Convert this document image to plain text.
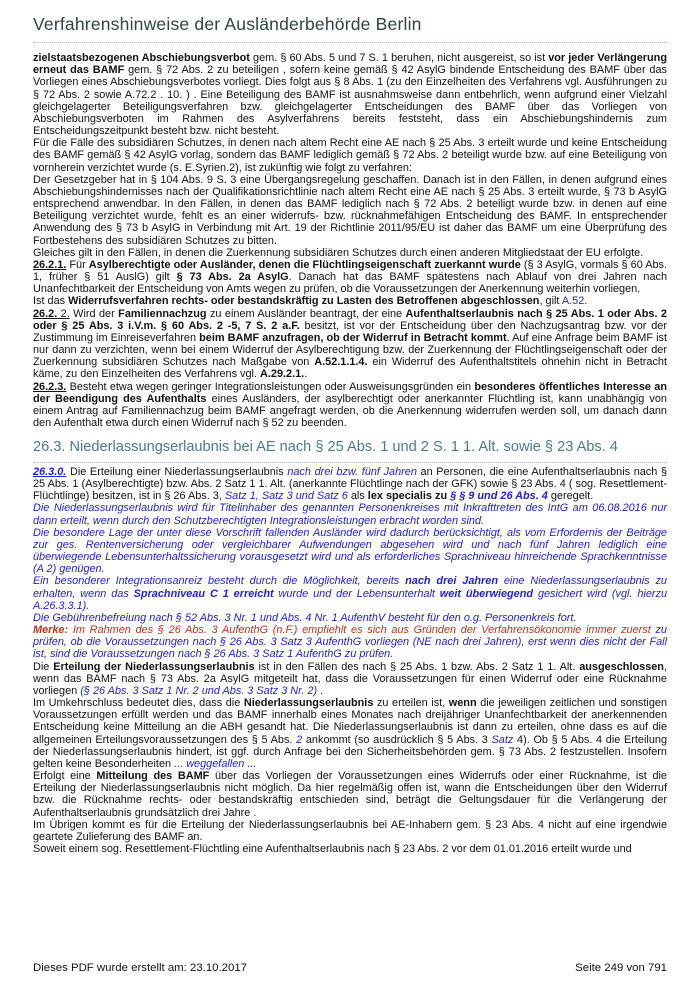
Verfahrenshinweise der Ausländerbehörde Berlin
zielstaatsbezogenen Abschiebungsverbot gem. § 60 Abs. 5 und 7 S. 1 beruhen, nicht ausgereist, so ist vor jeder Verlängerung erneut das BAMF gem. § 72 Abs. 2 zu beteiligen , sofern keine gemäß § 42 AsylG bindende Entscheidung des BAMF über das Vorliegen eines Abschiebungsverbotes vorliegt. Dies folgt aus § 8 Abs. 1 (zu den Einzelheiten des Verfahrens vgl. Ausführungen zu § 72 Abs. 2 sowie A.72.2 . 10. ) . Eine Beteiligung des BAMF ist ausnahmsweise dann entbehrlich, wenn aufgrund einer Vielzahl gleichgelagerter Beteiligungsverfahren bzw. gleichgelagerter Entscheidungen des BAMF über das Vorliegen von Abschiebungsverboten im Rahmen des Asylverfahrens bereits feststeht, dass ein Abschiebungshindernis zum Entscheidungszeitpunkt besteht bzw. nicht besteht.
Für die Fälle des subsidiären Schutzes, in denen nach altem Recht eine AE nach § 25 Abs. 3 erteilt wurde und keine Entscheidung des BAMF gemäß § 42 AsylG vorlag, sondern das BAMF lediglich gemäß § 72 Abs. 2 beteiligt wurde bzw. auf eine Beteiligung von vornherein verzichtet wurde (s. E.Syrien.2), ist zukünftig wie folgt zu verfahren:
Der Gesetzgeber hat in § 104 Abs. 9 S. 3 eine Übergangsregelung geschaffen. Danach ist in den Fällen, in denen aufgrund eines Abschiebungshindernisses nach der Qualifikationsrichtlinie nach altem Recht eine AE nach § 25 Abs. 3 erteilt wurde, § 73 b AsylG entsprechend anwendbar. In den Fällen, in denen das BAMF lediglich nach § 72 Abs. 2 beteiligt wurde bzw. in denen auf eine Beteiligung verzichtet wurde, fehlt es an einer widerrufs- bzw. rücknahmefähigen Entscheidung des BAMF. In entsprechender Anwendung des § 73 b AsylG in Verbindung mit Art. 19 der Richtlinie 2011/95/EU ist daher das BAMF um eine Überprüfung des Fortbestehens des subsidiären Schutzes zu bitten.
Gleiches gilt in den Fällen, in denen die Zuerkennung subsidiären Schutzes durch einen anderen Mitgliedstaat der EU erfolgte.
26.2.1. Für Asylberechtigte oder Ausländer, denen die Flüchtlingseigenschaft zuerkannt wurde (§ 3 AsylG, vormals § 60 Abs. 1, früher § 51 AuslG) gilt § 73 Abs. 2a AsylG. Danach hat das BAMF spätestens nach Ablauf von drei Jahren nach Unanfechtbarkeit der Entscheidung von Amts wegen zu prüfen, ob die Voraussetzungen der Anerkennung weiterhin vorliegen.
Ist das Widerrufsverfahren rechts- oder bestandskräftig zu Lasten des Betroffenen abgeschlossen, gilt A.52.
26.2. 2. Wird der Familiennachzug zu einem Ausländer beantragt, der eine Aufenthaltserlaubnis nach § 25 Abs. 1 oder Abs. 2 oder § 25 Abs. 3 i.V.m. § 60 Abs. 2 -5, 7 S. 2 a.F. besitzt, ist vor der Entscheidung über den Nachzugsantrag bzw. vor der Zustimmung im Einreiseverfahren beim BAMF anzufragen, ob der Widerruf in Betracht kommt. Auf eine Anfrage beim BAMF ist nur dann zu verzichten, wenn bei einem Widerruf der Asylberechtigung bzw. der Zuerkennung der Flüchtlingseigenschaft oder der Zuerkennung subsidiären Schutzes nach Maßgabe von A.52.1.1.4. ein Widerruf des Aufenthaltstitels ohnehin nicht in Betracht käme, zu den Einzelheiten des Verfahrens vgl. A.29.2.1..
26.2.3. Besteht etwa wegen geringer Integrationsleistungen oder Ausweisungsgründen ein besonderes öffentliches Interesse an der Beendigung des Aufenthalts eines Ausländers, der asylberechtigt oder anerkannter Flüchtling ist, kann unabhängig von einem Antrag auf Familiennachzug beim BAMF angefragt werden, ob die Anerkennung widerrufen werden soll, um danach dann den Aufenthalt etwa durch einen Widerruf nach § 52 zu beenden.
26.3. Niederlassungserlaubnis bei AE nach § 25 Abs. 1 und 2 S. 1 1. Alt. sowie § 23 Abs. 4
26.3.0. Die Erteilung einer Niederlassungserlaubnis nach drei bzw. fünf Jahren an Personen, die eine Aufenthaltserlaubnis nach § 25 Abs. 1 (Asylberechtigte) bzw. Abs. 2 Satz 1 1. Alt. (anerkannte Flüchtlinge nach der GFK) sowie § 23 Abs. 4 ( sog. Resettlement-Flüchtlinge) besitzen, ist in § 26 Abs. 3, Satz 1, Satz 3 und Satz 6 als lex specialis zu § § 9 und 26 Abs. 4 geregelt.
Die Niederlassungserlaubnis wird für Titelinhaber des genannten Personenkreises mit Inkrafttreten des IntG am 06.08.2016 nur dann erteilt, wenn durch den Schutzberechtigten Integrationsleistungen erbracht worden sind.
Die besondere Lage der unter diese Vorschrift fallenden Ausländer wird dadurch berücksichtigt, als vom Erfordernis der Beiträge zur ges. Rentenversicherung oder vergleichbarer Aufwendungen abgesehen wird und nach fünf Jahren lediglich eine überwiegende Lebensunterhaltssicherung vorausgesetzt wird und als erforderliches Sprachniveau hinreichende Sprachkenntnisse (A 2) genügen.
Ein besonderer Integrationsanreiz besteht durch die Möglichkeit, bereits nach drei Jahren eine Niederlassungserlaubnis zu erhalten, wenn das Sprachniveau C 1 erreicht wurde und der Lebensunterhalt weit überwiegend gesichert wird (vgl. hierzu A.26.3.3.1).
Die Gebührenbefreiung nach § 52 Abs. 3 Nr. 1 und Abs. 4 Nr. 1 AufenthV besteht für den o.g. Personenkreis fort.
Merke: Im Rahmen des § 26 Abs. 3 AufenthG (n.F.) empfiehlt es sich aus Gründen der Verfahrensökonomie immer zuerst zu prüfen, ob die Voraussetzungen nach § 26 Abs. 3 Satz 3 AufenthG vorliegen (NE nach drei Jahren), erst wenn dies nicht der Fall ist, sind die Voraussetzungen nach § 26 Abs. 3 Satz 1 AufenthG zu prüfen.
Die Erteilung der Niederlassungserlaubnis ist in den Fällen des nach § 25 Abs. 1 bzw. Abs. 2 Satz 1 1. Alt. ausgeschlossen, wenn das BAMF nach § 73 Abs. 2a AsylG mitgeteilt hat, dass die Voraussetzungen für einen Widerruf oder eine Rücknahme vorliegen (§ 26 Abs. 3 Satz 1 Nr. 2 und Abs. 3 Satz 3 Nr. 2) .
Im Umkehrschluss bedeutet dies, dass die Niederlassungserlaubnis zu erteilen ist, wenn die jeweiligen zeitlichen und sonstigen Voraussetzungen erfüllt werden und das BAMF innerhalb eines Monates nach dreijähriger Unanfechtbarkeit der anerkennenden Entscheidung keine Mitteilung an die ABH gesandt hat. Die Niederlassungserlaubnis ist dann zu erteilen, ohne dass es auf die allgemeinen Erteilungsvoraussetzungen des § 5 Abs. 2 ankommt (so ausdrücklich § 5 Abs. 3 Satz 4). Ob § 5 Abs. 4 die Erteilung der Niederlassungserlaubnis hindert, ist ggf. durch Anfrage bei den Sicherheitsbehörden gem. § 73 Abs. 2 festzustellen. Insofern gelten keine Besonderheiten ... weggefallen ...
Erfolgt eine Mitteilung des BAMF über das Vorliegen der Voraussetzungen eines Widerrufs oder einer Rücknahme, ist die Erteilung der Niederlassungserlaubnis nicht möglich. Da hier regelmäßig offen ist, wann die Entscheidungen über den Widerruf bzw. die Rücknahme rechts- oder bestandskräftig entschieden sind, beträgt die Geltungsdauer für die Verlängerung der Aufenthaltserlaubnis grundsätzlich drei Jahre .
Im Übrigen kommt es für die Erteilung der Niederlassungserlaubnis bei AE-Inhabern gem. § 23 Abs. 4 nicht auf eine irgendwie geartete Zulieferung des BAMF an.
Soweit einem sog. Resettlement-Flüchtling eine Aufenthaltserlaubnis nach § 23 Abs. 2 vor dem 01.01.2016 erteilt wurde und
Dieses PDF wurde erstellt am: 23.10.2017	Seite 249 von 791
